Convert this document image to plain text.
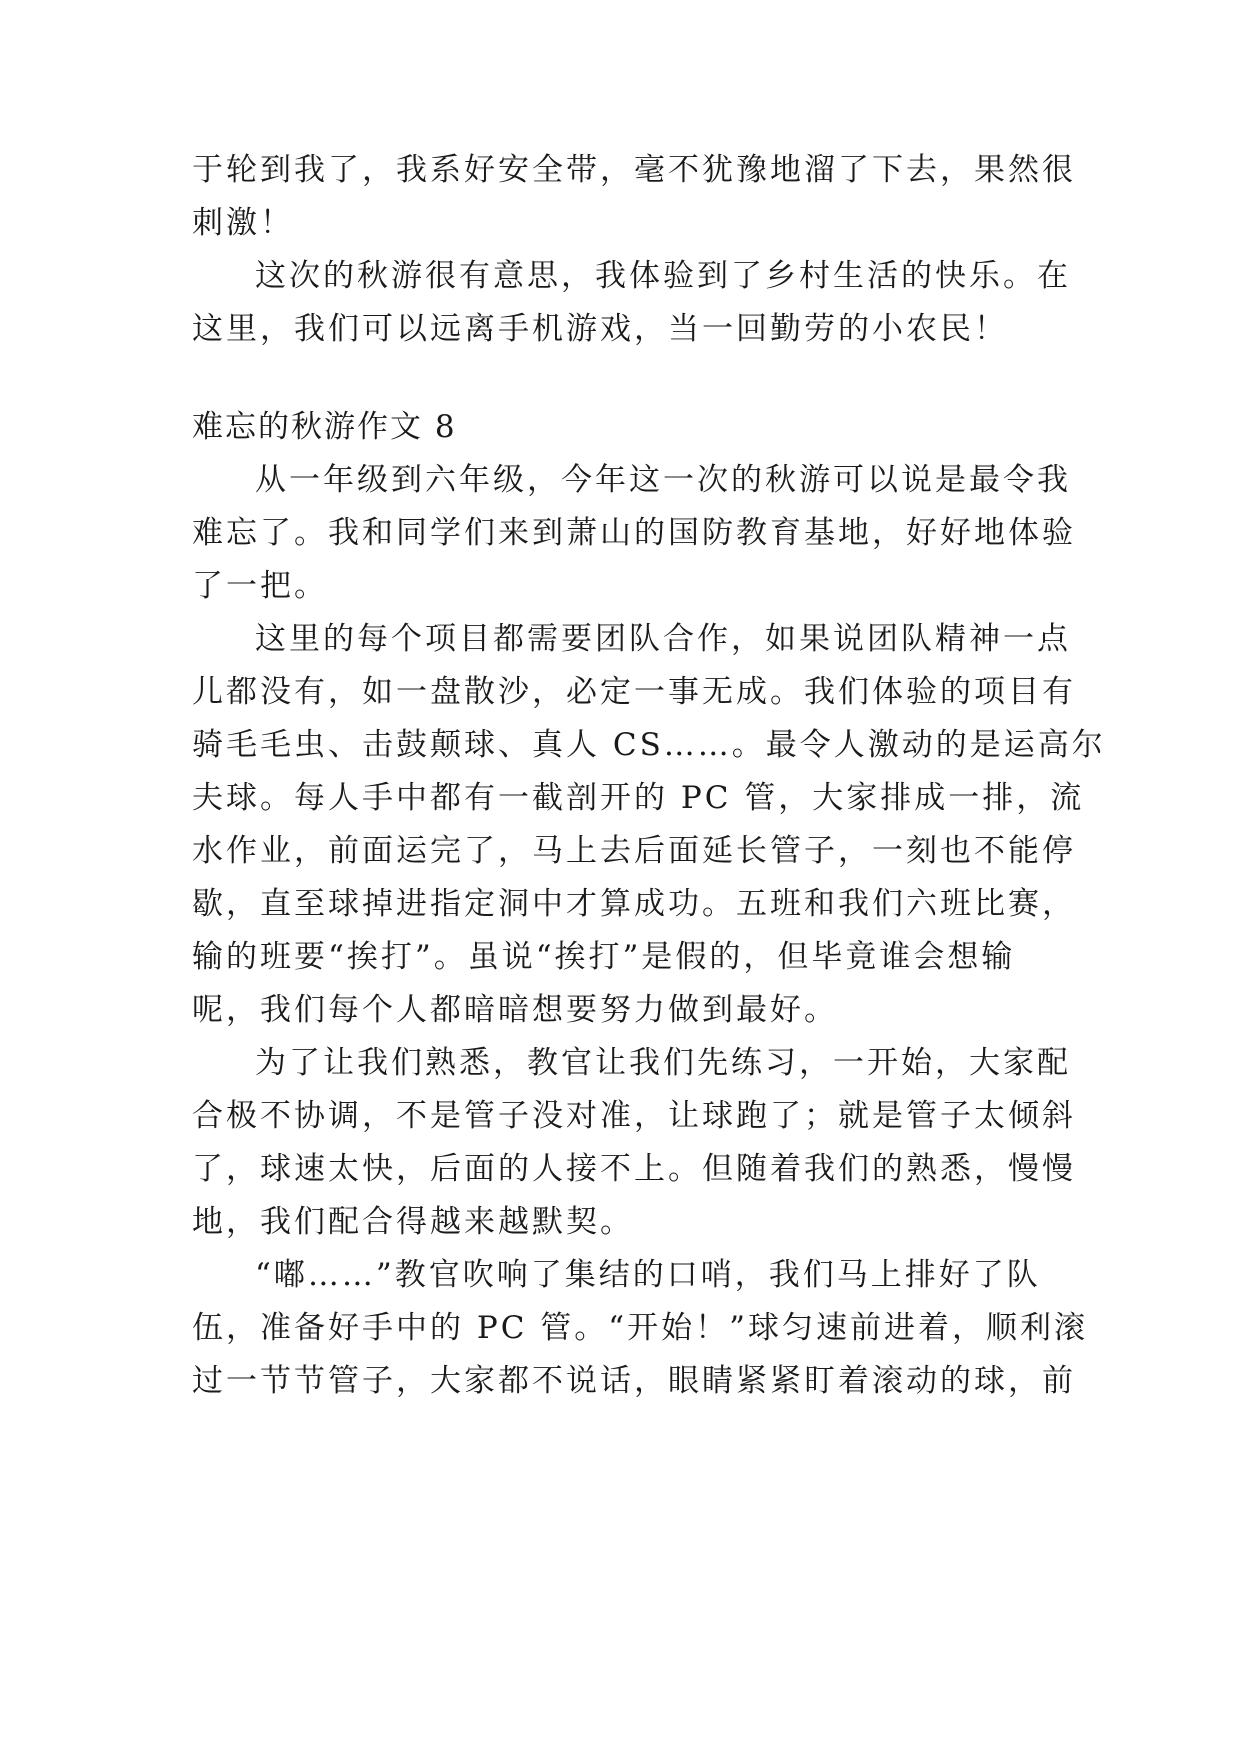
于轮到我了，我系好安全带，毫不犹豫地溜了下去，果然很
刺激！
这次的秋游很有意思，我体验到了乡村生活的快乐。在
这里，我们可以远离手机游戏，当一回勤劳的小农民！
难忘的秋游作文 8
从一年级到六年级，今年这一次的秋游可以说是最令我
难忘了。我和同学们来到萧山的国防教育基地，好好地体验
了一把。
这里的每个项目都需要团队合作，如果说团队精神一点
儿都没有，如一盘散沙，必定一事无成。我们体验的项目有
骑毛毛虫、击鼓颠球、真人 CS……。最令人激动的是运高尔
夫球。每人手中都有一截剖开的 PC 管，大家排成一排，流
水作业，前面运完了，马上去后面延长管子，一刻也不能停
歇，直至球掉进指定洞中才算成功。五班和我们六班比赛，
输的班要“挨打”。虽说“挨打”是假的，但毕竟谁会想输
呢，我们每个人都暗暗想要努力做到最好。
为了让我们熟悉，教官让我们先练习，一开始，大家配
合极不协调，不是管子没对准，让球跑了；就是管子太倾斜
了，球速太快，后面的人接不上。但随着我们的熟悉，慢慢
地，我们配合得越来越默契。
“嘟……”教官吹响了集结的口哨，我们马上排好了队
伍，准备好手中的 PC 管。“开始！”球匀速前进着，顺利滚
过一节节管子，大家都不说话，眼睛紧紧盯着滚动的球，前
